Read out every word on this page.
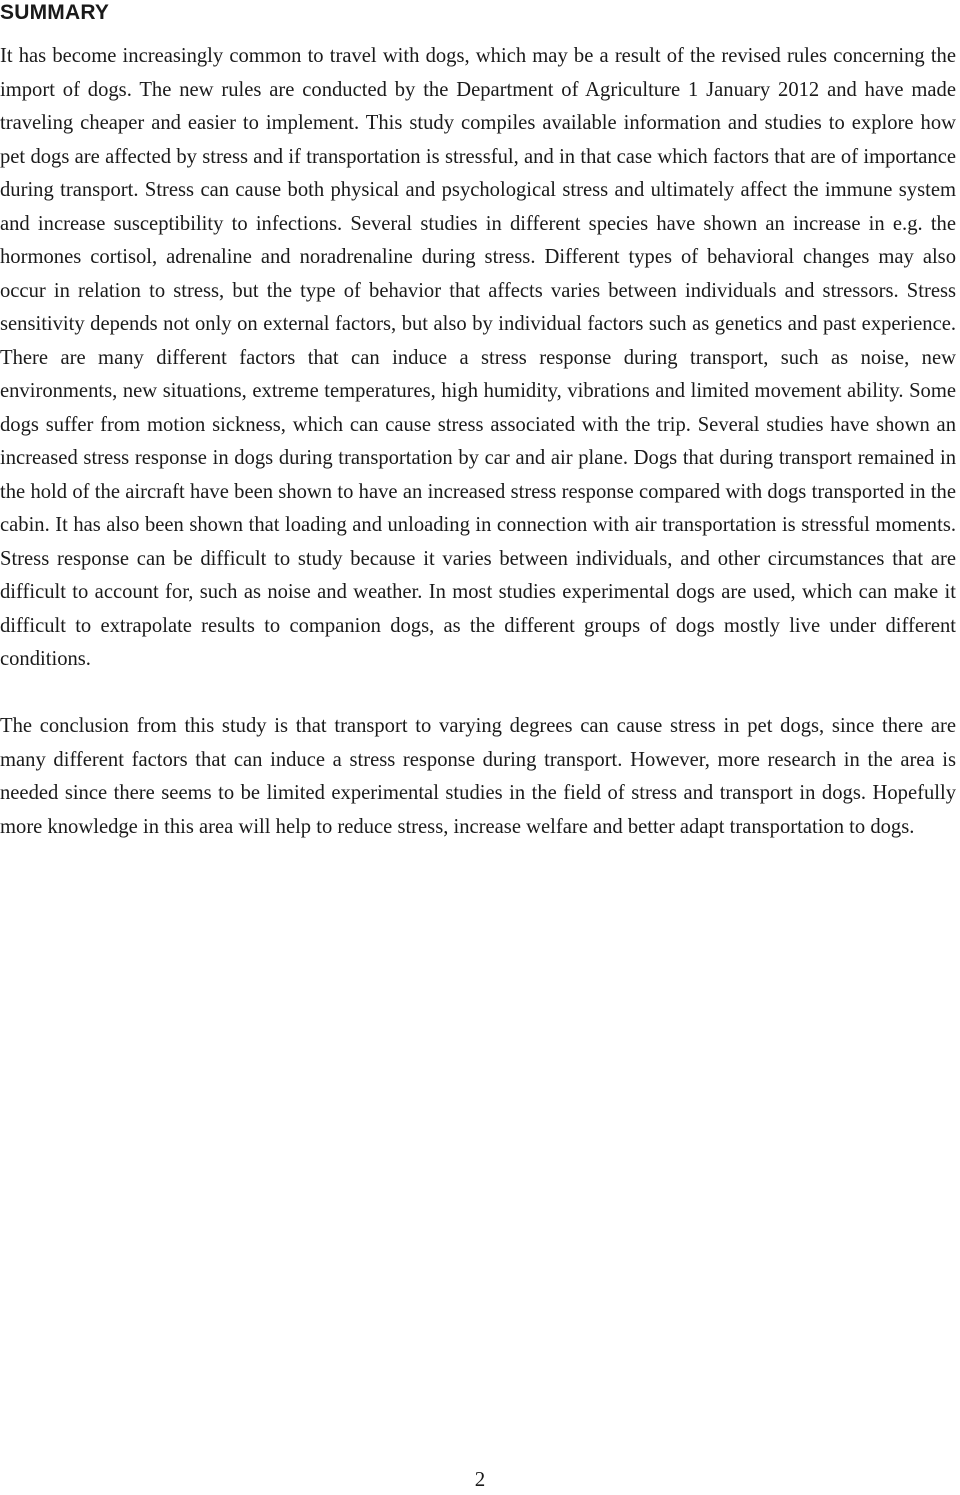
SUMMARY

It has become increasingly common to travel with dogs, which may be a result of the revised rules concerning the import of dogs. The new rules are conducted by the Department of Agriculture 1 January 2012 and have made traveling cheaper and easier to implement. This study compiles available information and studies to explore how pet dogs are affected by stress and if transportation is stressful, and in that case which factors that are of importance during transport. Stress can cause both physical and psychological stress and ultimately affect the immune system and increase susceptibility to infections. Several studies in different species have shown an increase in e.g. the hormones cortisol, adrenaline and noradrenaline during stress. Different types of behavioral changes may also occur in relation to stress, but the type of behavior that affects varies between individuals and stressors. Stress sensitivity depends not only on external factors, but also by individual factors such as genetics and past experience. There are many different factors that can induce a stress response during transport, such as noise, new environments, new situations, extreme temperatures, high humidity, vibrations and limited movement ability. Some dogs suffer from motion sickness, which can cause stress associated with the trip. Several studies have shown an increased stress response in dogs during transportation by car and air plane. Dogs that during transport remained in the hold of the aircraft have been shown to have an increased stress response compared with dogs transported in the cabin. It has also been shown that loading and unloading in connection with air transportation is stressful moments. Stress response can be difficult to study because it varies between individuals, and other circumstances that are difficult to account for, such as noise and weather. In most studies experimental dogs are used, which can make it difficult to extrapolate results to companion dogs, as the different groups of dogs mostly live under different conditions.

The conclusion from this study is that transport to varying degrees can cause stress in pet dogs, since there are many different factors that can induce a stress response during transport. However, more research in the area is needed since there seems to be limited experimental studies in the field of stress and transport in dogs. Hopefully more knowledge in this area will help to reduce stress, increase welfare and better adapt transportation to dogs.

2
